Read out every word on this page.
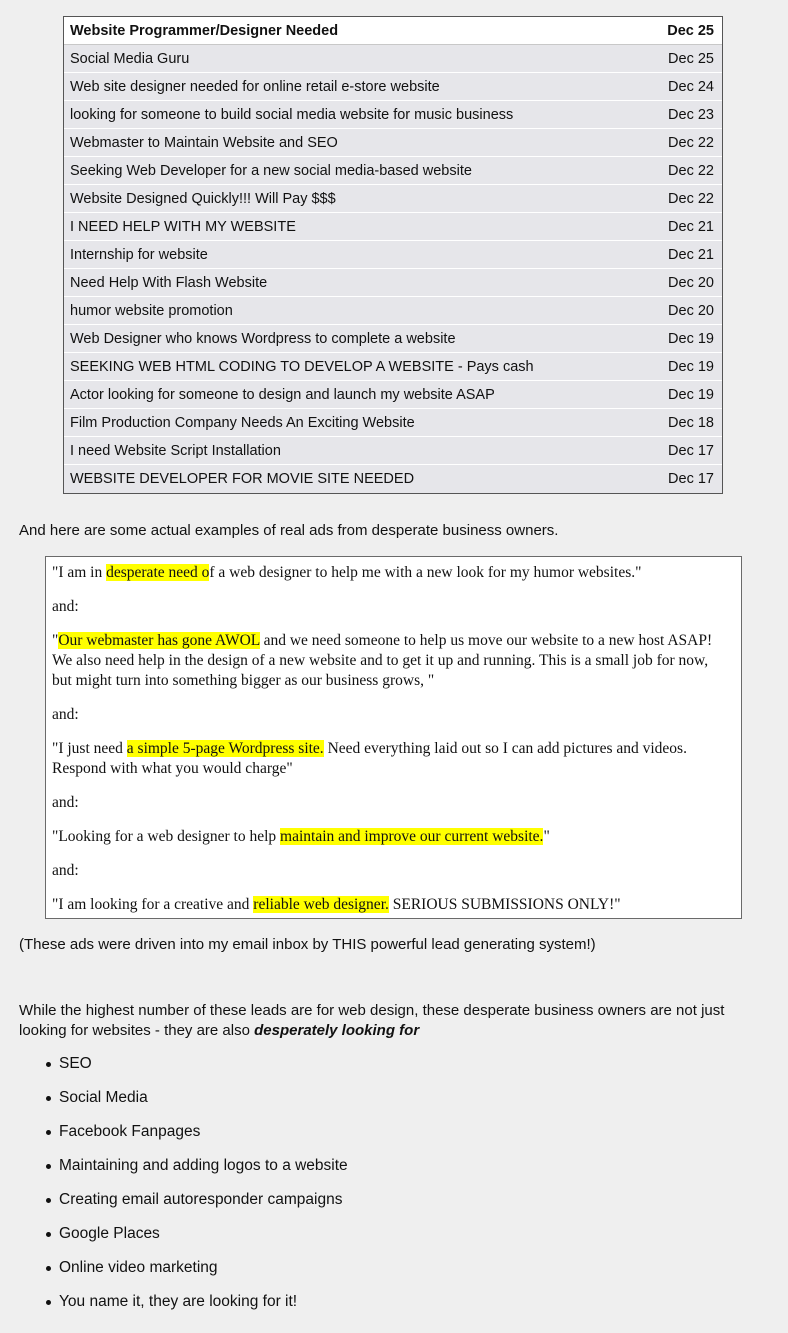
Website Programmer/Designer Needed	Dec 25
Social Media Guru	Dec 25
Web site designer needed for online retail e-store website	Dec 24
looking for someone to build social media website for music business	Dec 23
Webmaster to Maintain Website and SEO	Dec 22
Seeking Web Developer for a new social media-based website	Dec 22
Website Designed Quickly!!! Will Pay $$$	Dec 22
I NEED HELP WITH MY WEBSITE	Dec 21
Internship for website	Dec 21
Need Help With Flash Website	Dec 20
humor website promotion	Dec 20
Web Designer who knows Wordpress to complete a website	Dec 19
SEEKING WEB HTML CODING TO DEVELOP A WEBSITE - Pays cash	Dec 19
Actor looking for someone to design and launch my website ASAP	Dec 19
Film Production Company Needs An Exciting Website	Dec 18
I need Website Script Installation	Dec 17
WEBSITE DEVELOPER FOR MOVIE SITE NEEDED	Dec 17

And here are some actual examples of real ads from desperate business owners.

"I am in desperate need of a web designer to help me with a new look for my humor websites."

and:

"Our webmaster has gone AWOL and we need someone to help us move our website to a new host ASAP! We also need help in the design of a new website and to get it up and running. This is a small job for now, but might turn into something bigger as our business grows, "

and:

"I just need a simple 5-page Wordpress site. Need everything laid out so I can add pictures and videos. Respond with what you would charge"

and:

"Looking for a web designer to help maintain and improve our current website."

and:

"I am looking for a creative and reliable web designer. SERIOUS SUBMISSIONS ONLY!"

(These ads were driven into my email inbox by THIS powerful lead generating system!)

While the highest number of these leads are for web design, these desperate business owners are not just looking for websites - they are also desperately looking for

SEO
Social Media
Facebook Fanpages
Maintaining and adding logos to a website
Creating email autoresponder campaigns
Google Places
Online video marketing
You name it, they are looking for it!
